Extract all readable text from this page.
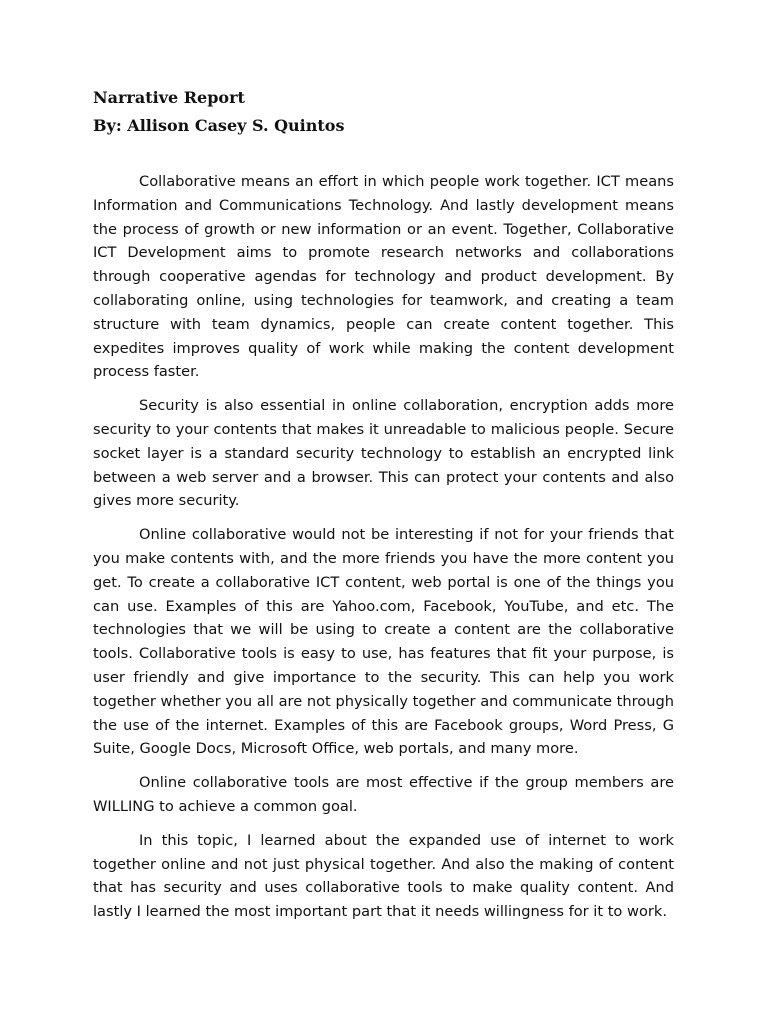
Narrative Report
By: Allison Casey S. Quintos

Collaborative means an effort in which people work together. ICT means Information and Communications Technology. And lastly development means the process of growth or new information or an event. Together, Collaborative ICT Development aims to promote research networks and collaborations through cooperative agendas for technology and product development. By collaborating online, using technologies for teamwork, and creating a team structure with team dynamics, people can create content together. This expedites improves quality of work while making the content development process faster.

Security is also essential in online collaboration, encryption adds more security to your contents that makes it unreadable to malicious people. Secure socket layer is a standard security technology to establish an encrypted link between a web server and a browser. This can protect your contents and also gives more security.

Online collaborative would not be interesting if not for your friends that you make contents with, and the more friends you have the more content you get. To create a collaborative ICT content, web portal is one of the things you can use. Examples of this are Yahoo.com, Facebook, YouTube, and etc. The technologies that we will be using to create a content are the collaborative tools. Collaborative tools is easy to use, has features that fit your purpose, is user friendly and give importance to the security. This can help you work together whether you all are not physically together and communicate through the use of the internet. Examples of this are Facebook groups, Word Press, G Suite, Google Docs, Microsoft Office, web portals, and many more.

Online collaborative tools are most effective if the group members are WILLING to achieve a common goal.

In this topic, I learned about the expanded use of internet to work together online and not just physical together. And also the making of content that has security and uses collaborative tools to make quality content. And lastly I learned the most important part that it needs willingness for it to work.
